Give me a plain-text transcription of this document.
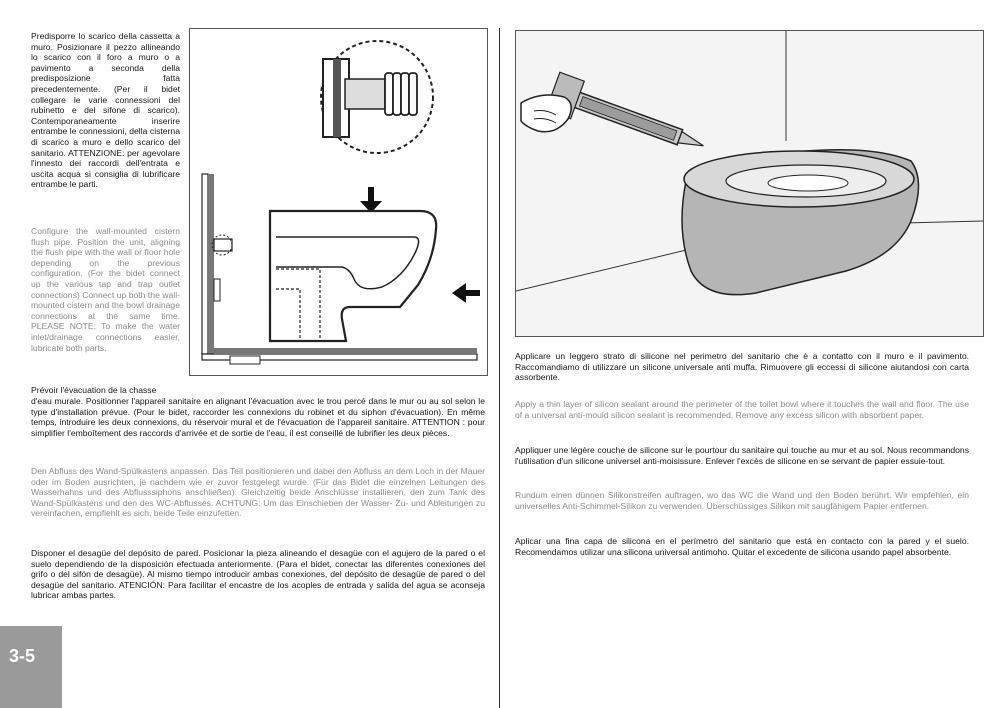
Predisporre lo scarico della cassetta a muro. Posizionare il pezzo allineando lo scarico con il foro a muro o a pavimento a seconda della predisposizione fatta precedentemente. (Per il bidet collegare le varie connessioni del rubinetto e del sifone di scarico). Contemporaneamente inserire entrambe le connessioni, della cisterna di scarico a muro e dello scarico del sanitario. ATTENZIONE: per agevolare l'innesto dei raccordi dell'entrata e uscita acqua si consiglia di lubrificare entrambe le parti.

Configure the wall-mounted cistern flush pipe. Position the unit, aligning the flush pipe with the wall or floor hole depending on the previous configuration. (For the bidet connect up the various tap and trap outlet connections) Connect up both the wall-mounted cistern and the bowl drainage connections at the same time. PLEASE NOTE: To make the water inlet/drainage connections easier, lubricate both parts.

Prévoir l'évacuation de la chasse

d'eau murale. Positionner l'appareil sanitaire en alignant l'évacuation avec le trou percé dans le mur ou au sol selon le type d'installation prévue. (Pour le bidet, raccorder les connexions du robinet et du siphon d'évacuation). En même temps, introduire les deux connexions, du réservoir mural et de l'évacuation de l'appareil sanitaire. ATTENTION : pour simplifier l'emboîtement des raccords d'arrivée et de sortie de l'eau, il est conseillé de lubrifier les deux pièces.

Den Abfluss des Wand-Spülkastens anpassen. Das Teil positionieren und dabei den Abfluss an dem Loch in der Mauer oder im Boden ausrichten, je nachdem wie er zuvor festgelegt wurde. (Für das Bidet die einzelnen Leitungen des Wasserhahns und des Abflusssiphons anschließen). Gleichzeitig beide Anschlüsse installieren, den zum Tank des Wand-Spülkastens und den des WC-Abflusses. ACHTUNG: Um das Einschieben der Wasser- Zu- und Ableitungen zu vereinfachen, empfiehlt es sich, beide Teile einzufetten.

Disponer el desagüe del depósito de pared. Posicionar la pieza alineando el desagüe con el agujero de la pared o el suelo dependiendo de la disposición efectuada anteriormente. (Para el bidet, conectar las diferentes conexiones del grifo o del sifón de desagüe). Al mismo tiempo introducir ambas conexiones, del depósito de desagüe de pared o del desagüe del sanitario. ATENCIÓN: Para facilitar el encastre de los acoples de entrada y salida del agua se aconseja lubricar ambas partes.

Applicare un leggero strato di silicone nel perimetro del sanitario che è a contatto con il muro e il pavimento. Raccomandiamo di utilizzare un silicone universale anti muffa. Rimuovere gli eccessi di silicone aiutandosi con carta assorbente.

Apply a thin layer of silicon sealant around the perimeter of the toilet bowl where it touches the wall and floor. The use of a universal anti-mould silicon sealant is recommended. Remove any excess silicon with absorbent paper.

Appliquer une légère couche de silicone sur le pourtour du sanitaire qui touche au mur et au sol. Nous recommandons l'utilisation d'un silicone universel anti-moisissure. Enlever l'excès de silicone en se servant de papier essuie-tout.

Rundum einen dünnen Silikonstreifen auftragen, wo das WC die Wand und den Boden berührt. Wir empfehlen, ein universelles Anti-Schimmel-Silikon zu verwenden. Überschüssiges Silikon mit saugfähigem Papier entfernen.

Aplicar una fina capa de silicona en el perímetro del sanitario que está en contacto con la pared y el suelo. Recomendamos utilizar una silicona universal antimoho. Quitar el excedente de silicona usando papel absorbente.

3-5
